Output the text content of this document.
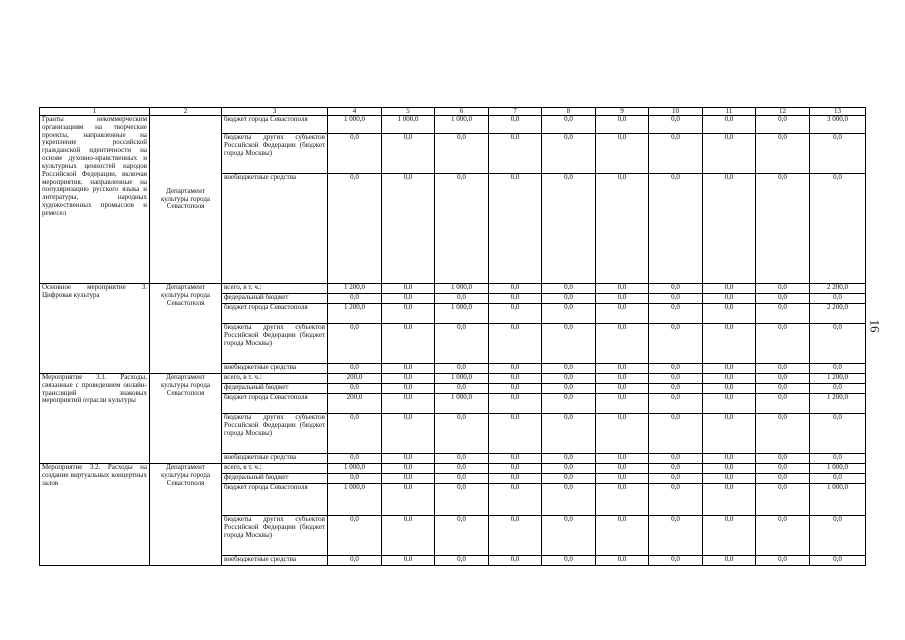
1	2	3	4	5	6	7	8	9	10	11	12	13
Гранты некоммерческим организациям на творческие проекты, направленные на укрепление российской гражданской идентичности на основе духовно-нравственных и культурных ценностей народов Российской Федерации, включая мероприятия, направленные на популяризацию русского языка и литературы, народных художественных промыслов и ремесел	Департамент культуры города Севастополя	бюджет города Севастополя	1 000,0	1 000,0	1 000,0	0,0	0,0	0,0	0,0	0,0	0,0	3 000,0
		бюджеты других субъектов Российской Федерации (бюджет города Москвы)	0,0	0,0	0,0	0,0	0,0	0,0	0,0	0,0	0,0	0,0
		внебюджетные средства	0,0	0,0	0,0	0,0	0,0	0,0	0,0	0,0	0,0	0,0
Основное мероприятие 3. Цифровая культура	Департамент культуры города Севастополя	всего, в т. ч.:	1 200,0	0,0	1 000,0	0,0	0,0	0,0	0,0	0,0	0,0	2 200,0
		федеральный бюджет	0,0	0,0	0,0	0,0	0,0	0,0	0,0	0,0	0,0	0,0
		бюджет города Севастополя	1 200,0	0,0	1 000,0	0,0	0,0	0,0	0,0	0,0	0,0	2 200,0
		бюджеты других субъектов Российской Федерации (бюджет города Москвы)	0,0	0,0	0,0	0,0	0,0	0,0	0,0	0,0	0,0	0,0
		внебюджетные средства	0,0	0,0	0,0	0,0	0,0	0,0	0,0	0,0	0,0	0,0
Мероприятие 3.1. Расходы, связанные с проведением онлайн-трансляций знаковых мероприятий отрасли культуры	Департамент культуры города Севастополя	всего, в т. ч.:	200,0	0,0	1 000,0	0,0	0,0	0,0	0,0	0,0	0,0	1 200,0
		федеральный бюджет	0,0	0,0	0,0	0,0	0,0	0,0	0,0	0,0	0,0	0,0
		бюджет города Севастополя	200,0	0,0	1 000,0	0,0	0,0	0,0	0,0	0,0	0,0	1 200,0
		бюджеты других субъектов Российской Федерации (бюджет города Москвы)	0,0	0,0	0,0	0,0	0,0	0,0	0,0	0,0	0,0	0,0
		внебюджетные средства	0,0	0,0	0,0	0,0	0,0	0,0	0,0	0,0	0,0	0,0
Мероприятие 3.2. Расходы на создание виртуальных концертных залов	Департамент культуры города Севастополя	всего, в т. ч.:	1 000,0	0,0	0,0	0,0	0,0	0,0	0,0	0,0	0,0	1 000,0
		федеральный бюджет	0,0	0,0	0,0	0,0	0,0	0,0	0,0	0,0	0,0	0,0
		бюджет города Севастополя	1 000,0	0,0	0,0	0,0	0,0	0,0	0,0	0,0	0,0	1 000,0
		бюджеты других субъектов Российской Федерации (бюджет города Москвы)	0,0	0,0	0,0	0,0	0,0	0,0	0,0	0,0	0,0	0,0
		внебюджетные средства	0,0	0,0	0,0	0,0	0,0	0,0	0,0	0,0	0,0	0,0
16
